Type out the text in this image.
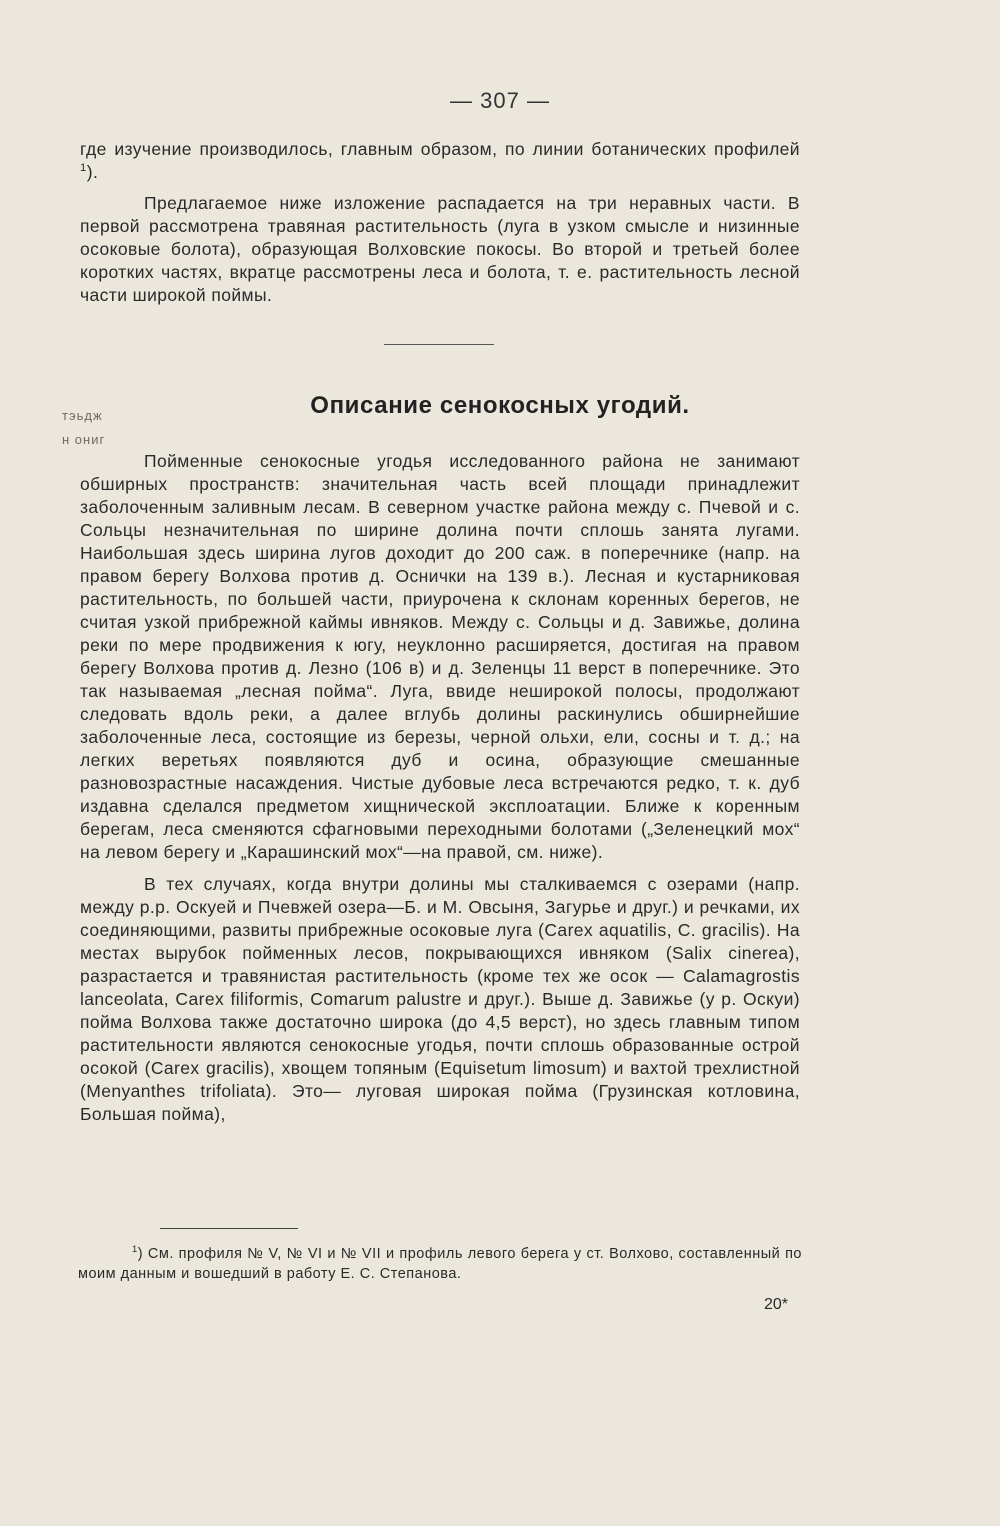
— 307 —

где изучение производилось, главным образом, по линии ботанических профилей $^1$).

Предлагаемое ниже изложение распадается на три неравных части. В первой рассмотрена травяная растительность (луга в узком смысле и низинные осоковые болота), образующая Волховские покосы. Во второй и третьей более коротких частях, вкратце рассмотрены леса и болота, т. е. растительность лесной части широкой поймы.

тэьдж
н ониг
Описание сенокосных угодий.

Пойменные сенокосные угодья исследованного района не занимают обширных пространств: значительная часть всей площади принадлежит заболоченным заливным лесам. В северном участке района между с. Пчевой и с. Сольцы незначительная по ширине долина почти сплошь занята лугами. Наибольшая здесь ширина лугов доходит до 200 саж. в поперечнике (напр. на правом берегу Волхова против д. Оснички на 139 в.). Лесная и кустарниковая растительность, по большей части, приурочена к склонам коренных берегов, не считая узкой прибрежной каймы ивняков. Между с. Сольцы и д. Завижье, долина реки по мере продвижения к югу, неуклонно расширяется, достигая на правом берегу Волхова против д. Лезно (106 в) и д. Зеленцы 11 верст в поперечнике. Это так называемая „лесная пойма“. Луга, ввиде неширокой полосы, продолжают следовать вдоль реки, а далее вглубь долины раскинулись обширнейшие заболоченные леса, состоящие из березы, черной ольхи, ели, сосны и т. д.; на легких веретьях появляются дуб и осина, образующие смешанные разновозрастные насаждения. Чистые дубовые леса встречаются редко, т. к. дуб издавна сделался предметом хищнической эксплоатации. Ближе к коренным берегам, леса сменяются сфагновыми переходными болотами („Зеленецкий мох“ на левом берегу и „Карашинский мох“—на правой, см. ниже).

В тех случаях, когда внутри долины мы сталкиваемся с озерами (напр. между р.р. Оскуей и Пчевжей озера—Б. и М. Овсыня, Загурье и друг.) и речками, их соединяющими, развиты прибрежные осоковые луга (Carex aquatilis, C. gracilis). На местах вырубок пойменных лесов, покрывающихся ивняком (Salix cinerea), разрастается и травянистая растительность (кроме тех же осок — Calamagrostis lanceolata, Carex filiformis, Comarum palustre и друг.). Выше д. Завижье (у р. Оскуи) пойма Волхова также достаточно широка (до 4,5 верст), но здесь главным типом растительности являются сенокосные угодья, почти сплошь образованные острой осокой (Carex gracilis), хвощем топяным (Equisetum limosum) и вахтой трехлистной (Menyanthes trifoliata). Это— луговая широкая пойма (Грузинская котловина, Большая пойма),

$^1$) См. профиля № V, № VI и № VII и профиль левого берега у ст. Волхово, составленный по моим данным и вошедший в работу Е. С. Степанова.

20*
